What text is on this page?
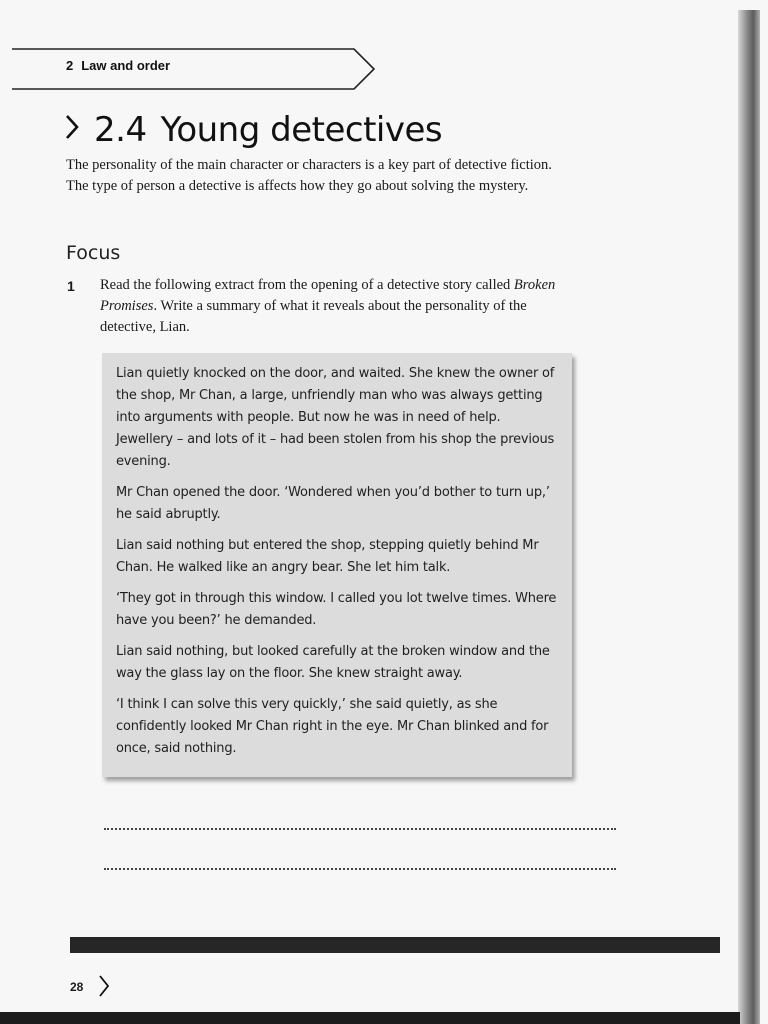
2 Law and order
2.4 Young detectives
The personality of the main character or characters is a key part of detective fiction. The type of person a detective is affects how they go about solving the mystery.
Focus
1 Read the following extract from the opening of a detective story called Broken Promises. Write a summary of what it reveals about the personality of the detective, Lian.

Lian quietly knocked on the door, and waited. She knew the owner of the shop, Mr Chan, a large, unfriendly man who was always getting into arguments with people. But now he was in need of help. Jewellery – and lots of it – had been stolen from his shop the previous evening.

Mr Chan opened the door. ‘Wondered when you’d bother to turn up,’ he said abruptly.

Lian said nothing but entered the shop, stepping quietly behind Mr Chan. He walked like an angry bear. She let him talk.

‘They got in through this window. I called you lot twelve times. Where have you been?’ he demanded.

Lian said nothing, but looked carefully at the broken window and the way the glass lay on the floor. She knew straight away.

‘I think I can solve this very quickly,’ she said quietly, as she confidently looked Mr Chan right in the eye. Mr Chan blinked and for once, said nothing.

28
